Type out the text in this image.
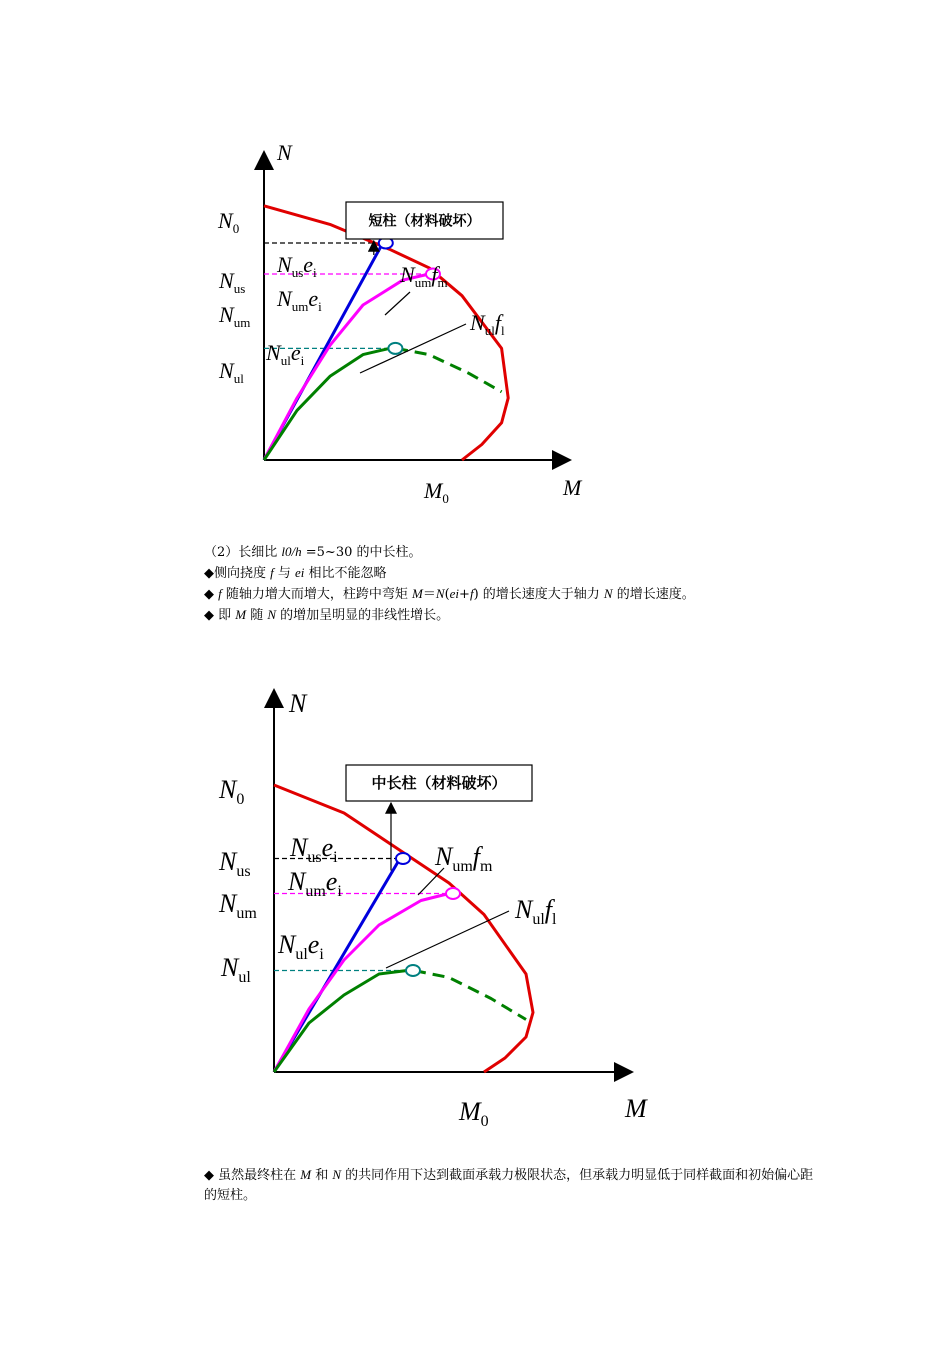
短柱（材料破坏）
N
M
$N_0$
$N_{us}$
$N_{um}$
$N_{ul}$
$M_0$
$N_{us}e_i$
$N_{um}e_i$
$N_{ul}e_i$
$N_{um}f_m$
$N_{ul}f_l$
中长柱（材料破坏）
N
M
$N_0$
$N_{us}$
$N_{um}$
$N_{ul}$
$M_0$
$N_{us}e_i$
$N_{um}e_i$
$N_{ul}e_i$
$N_{um}f_m$
$N_{ul}f_l$

（2）长细比 l0/h =5~30 的中长柱。

◆侧向挠度 f 与 ei 相比不能忽略

◆ f 随轴力增大而增大，柱跨中弯矩 M＝N(ei+f) 的增长速度大于轴力 N 的增长速度。

◆ 即 M 随 N 的增加呈明显的非线性增长。

◆ 虽然最终柱在 M 和 N 的共同作用下达到截面承载力极限状态，但承载力明显低于同样截面和初始偏心距的短柱。
